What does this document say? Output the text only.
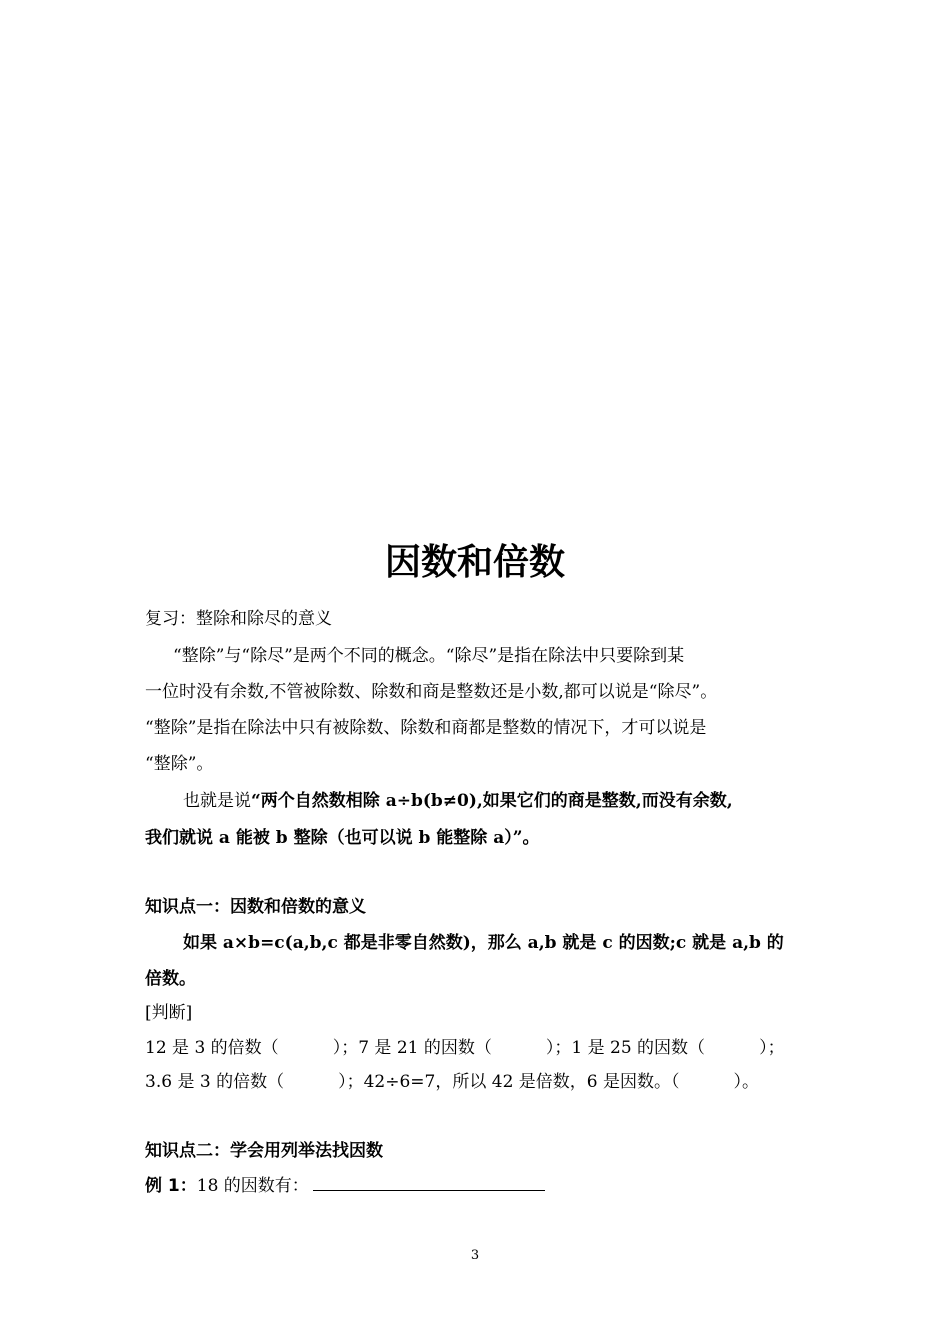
因数和倍数
复习：整除和除尽的意义
“整除”与“除尽”是两个不同的概念。“除尽”是指在除法中只要除到某
一位时没有余数,不管被除数、除数和商是整数还是小数,都可以说是“除尽”。
“整除”是指在除法中只有被除数、除数和商都是整数的情况下，才可以说是
“整除”。
也就是说“两个自然数相除 a÷b(b≠0),如果它们的商是整数,而没有余数,
我们就说 a 能被 b 整除（也可以说 b 能整除 a）”。
知识点一：因数和倍数的意义
如果 a×b=c(a,b,c 都是非零自然数)，那么 a,b 就是 c 的因数;c 就是 a,b 的
倍数。
[判断]
12 是 3 的倍数（          ）；7 是 21 的因数（          ）；1 是 25 的因数（          ）；
3.6 是 3 的倍数（          ）；42÷6=7，所以 42 是倍数，6 是因数。（          ）。
知识点二：学会用列举法找因数
例 1：18 的因数有：
3
